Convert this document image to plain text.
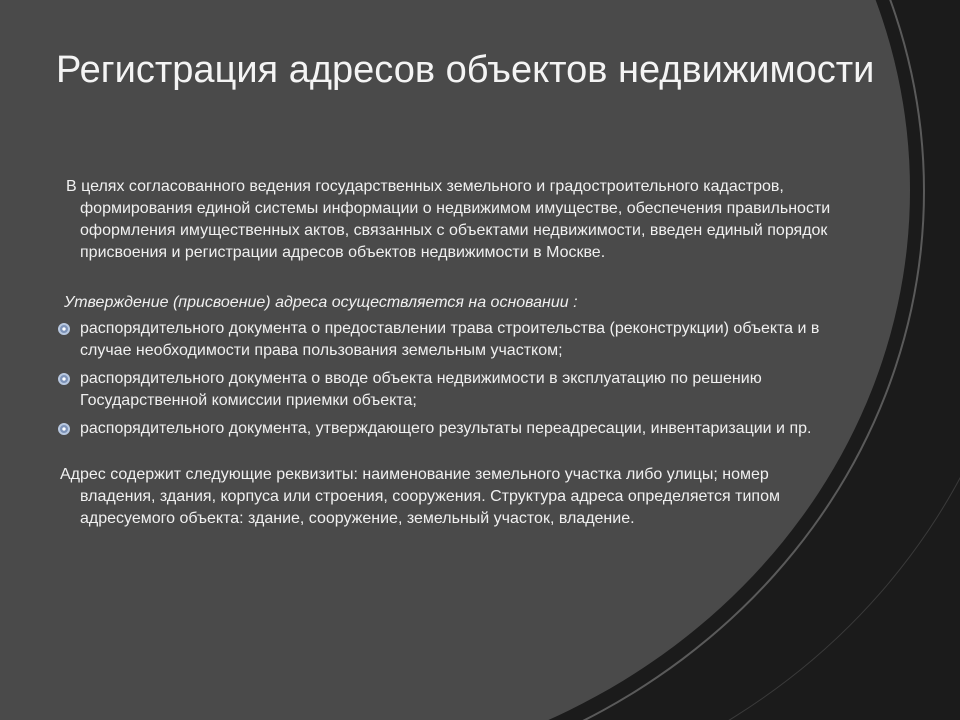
Регистрация адресов объектов недвижимости

В целях согласованного ведения государственных земельного и градостроительного кадастров, формирования единой системы информации о недвижимом имуществе, обеспечения правильности оформления имущественных актов, связанных с объектами недвижимости, введен единый порядок присвоения и регистрации адресов объектов недвижимости в Москве.

Утверждение (присвоение) адреса осуществляется на основании :

распорядительного документа о предоставлении трава строительства (реконструкции) объекта и в случае необходимости права пользования земельным участком;
распорядительного документа о вводе объекта недвижимости в эксплуатацию по решению Государственной комиссии приемки объекта;
распорядительного документа, утверждающего результаты переадресации, инвентаризации и пр.

Адрес содержит следующие реквизиты: наименование земельного участка либо улицы; номер владения, здания, корпуса или строения, сооружения. Структура адреса определяется типом адресуемого объекта: здание, сооружение, земельный участок, владение.
